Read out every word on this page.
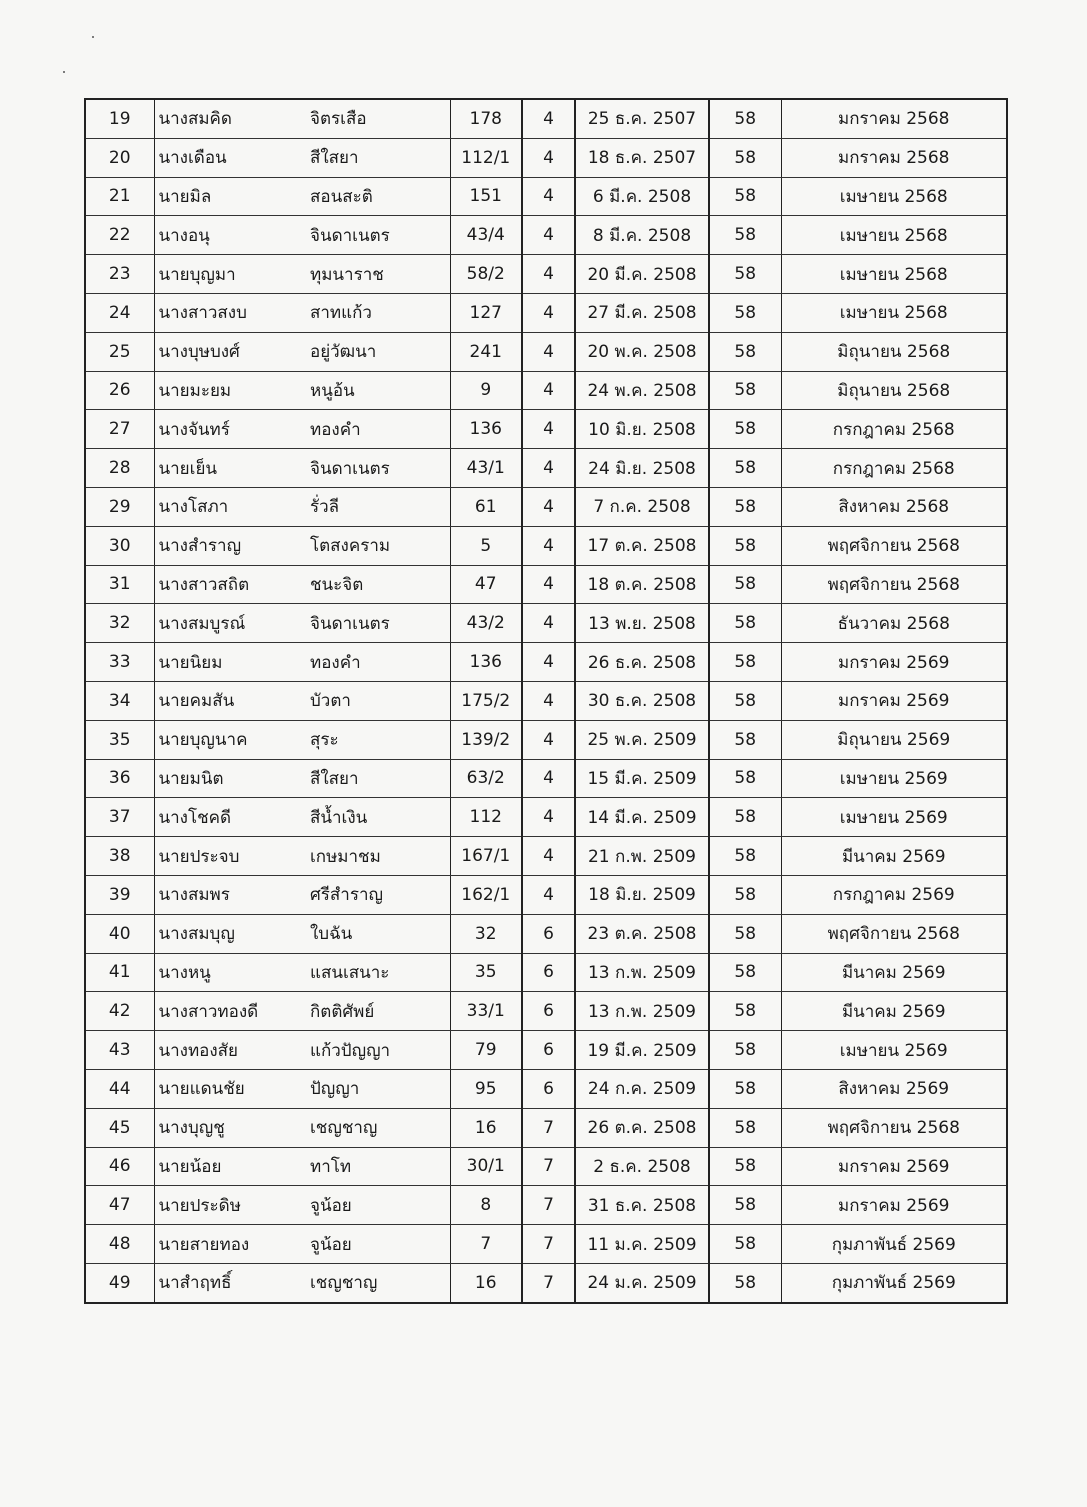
19	นางสมคิด	จิตรเสือ	178	4	25 ธ.ค. 2507	58	มกราคม 2568
20	นางเดือน	สีใสยา	112/1	4	18 ธ.ค. 2507	58	มกราคม 2568
21	นายมิล	สอนสะติ	151	4	6 มี.ค. 2508	58	เมษายน 2568
22	นางอนุ	จินดาเนตร	43/4	4	8 มี.ค. 2508	58	เมษายน 2568
23	นายบุญมา	ทุมนาราช	58/2	4	20 มี.ค. 2508	58	เมษายน 2568
24	นางสาวสงบ	สาทแก้ว	127	4	27 มี.ค. 2508	58	เมษายน 2568
25	นางบุษบงศ์	อยู่วัฒนา	241	4	20 พ.ค. 2508	58	มิถุนายน 2568
26	นายมะยม	หนูอ้น	9	4	24 พ.ค. 2508	58	มิถุนายน 2568
27	นางจันทร์	ทองคำ	136	4	10 มิ.ย. 2508	58	กรกฎาคม 2568
28	นายเย็น	จินดาเนตร	43/1	4	24 มิ.ย. 2508	58	กรกฎาคม 2568
29	นางโสภา	รั่วลี	61	4	7 ก.ค. 2508	58	สิงหาคม 2568
30	นางสำราญ	โตสงคราม	5	4	17 ต.ค. 2508	58	พฤศจิกายน 2568
31	นางสาวสถิต	ชนะจิต	47	4	18 ต.ค. 2508	58	พฤศจิกายน 2568
32	นางสมบูรณ์	จินดาเนตร	43/2	4	13 พ.ย. 2508	58	ธันวาคม 2568
33	นายนิยม	ทองคำ	136	4	26 ธ.ค. 2508	58	มกราคม 2569
34	นายคมสัน	บัวตา	175/2	4	30 ธ.ค. 2508	58	มกราคม 2569
35	นายบุญนาค	สุระ	139/2	4	25 พ.ค. 2509	58	มิถุนายน 2569
36	นายมนิต	สีใสยา	63/2	4	15 มี.ค. 2509	58	เมษายน 2569
37	นางโชคดี	สีน้ำเงิน	112	4	14 มี.ค. 2509	58	เมษายน 2569
38	นายประจบ	เกษมาชม	167/1	4	21 ก.พ. 2509	58	มีนาคม 2569
39	นางสมพร	ศรีสำราญ	162/1	4	18 มิ.ย. 2509	58	กรกฎาคม 2569
40	นางสมบุญ	ใบฉัน	32	6	23 ต.ค. 2508	58	พฤศจิกายน 2568
41	นางหนู	แสนเสนาะ	35	6	13 ก.พ. 2509	58	มีนาคม 2569
42	นางสาวทองดี	กิตติศัพย์	33/1	6	13 ก.พ. 2509	58	มีนาคม 2569
43	นางทองสัย	แก้วปัญญา	79	6	19 มี.ค. 2509	58	เมษายน 2569
44	นายแดนชัย	ปัญญา	95	6	24 ก.ค. 2509	58	สิงหาคม 2569
45	นางบุญชู	เชญชาญ	16	7	26 ต.ค. 2508	58	พฤศจิกายน 2568
46	นายน้อย	ทาโท	30/1	7	2 ธ.ค. 2508	58	มกราคม 2569
47	นายประดิษ	จูน้อย	8	7	31 ธ.ค. 2508	58	มกราคม 2569
48	นายสายทอง	จูน้อย	7	7	11 ม.ค. 2509	58	กุมภาพันธ์ 2569
49	นาสำฤทธิ์	เชญชาญ	16	7	24 ม.ค. 2509	58	กุมภาพันธ์ 2569
